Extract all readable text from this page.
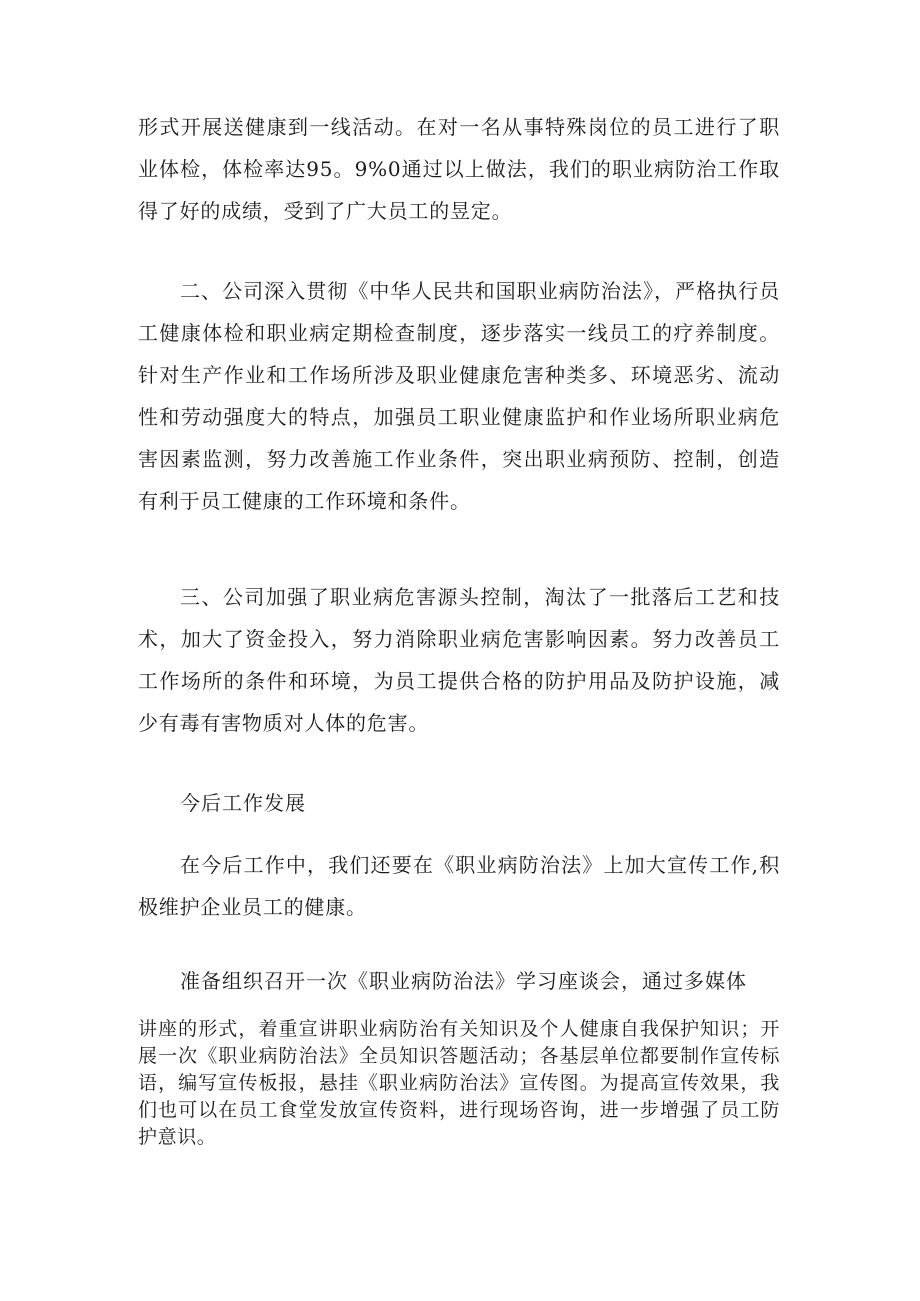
形式开展送健康到一线活动。在对一名从事特殊岗位的员工进行了职业体检，体检率达95。9%0通过以上做法，我们的职业病防治工作取得了好的成绩，受到了广大员工的昱定。

二、公司深入贯彻《中华人民共和国职业病防治法》，严格执行员工健康体检和职业病定期检查制度，逐步落实一线员工的疗养制度。针对生产作业和工作场所涉及职业健康危害种类多、环境恶劣、流动性和劳动强度大的特点，加强员工职业健康监护和作业场所职业病危害因素监测，努力改善施工作业条件，突出职业病预防、控制，创造有利于员工健康的工作环境和条件。

三、公司加强了职业病危害源头控制，淘汰了一批落后工艺和技术，加大了资金投入，努力消除职业病危害影响因素。努力改善员工工作场所的条件和环境，为员工提供合格的防护用品及防护设施，减少有毒有害物质对人体的危害。

今后工作发展

在今后工作中，我们还要在《职业病防治法》上加大宣传工作,积极维护企业员工的健康。

准备组织召开一次《职业病防治法》学习座谈会，通过多媒体

讲座的形式，着重宣讲职业病防治有关知识及个人健康自我保护知识；开展一次《职业病防治法》全员知识答题活动；各基层单位都要制作宣传标语，编写宣传板报，悬挂《职业病防治法》宣传图。为提高宣传效果，我们也可以在员工食堂发放宣传资料，进行现场咨询，进一步增强了员工防护意识。
